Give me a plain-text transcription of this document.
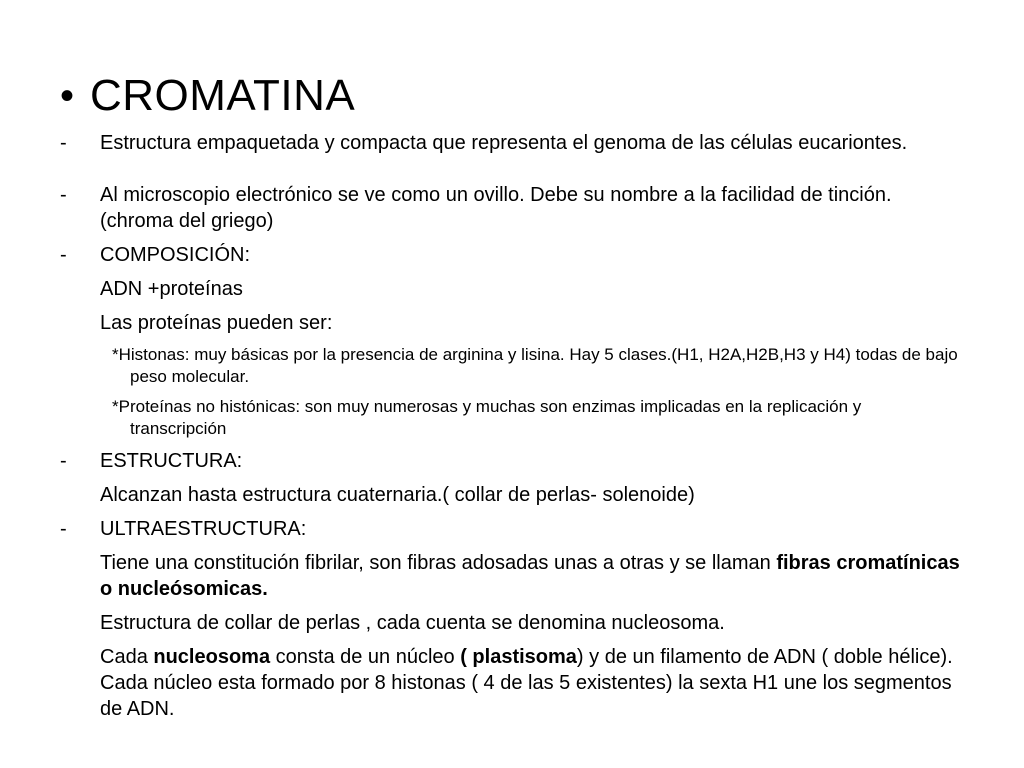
• CROMATINA
-	Estructura empaquetada y compacta que representa el genoma de las células eucariontes.
-	Al microscopio electrónico se ve como un ovillo. Debe su nombre a la facilidad de tinción. (chroma del griego)
-	COMPOSICIÓN:
ADN +proteínas
Las proteínas pueden ser:
*Histonas: muy básicas por la presencia de arginina y lisina. Hay 5 clases.(H1, H2A,H2B,H3 y H4) todas de bajo peso molecular.
*Proteínas no histónicas: son muy numerosas y muchas son enzimas implicadas en la replicación y transcripción
-	ESTRUCTURA:
Alcanzan hasta estructura cuaternaria.( collar de perlas- solenoide)
-	ULTRAESTRUCTURA:
Tiene una constitución fibrilar, son fibras adosadas unas a otras y se llaman fibras cromatínicas o nucleósomicas.
Estructura de collar de perlas , cada cuenta se denomina nucleosoma.
Cada nucleosoma consta de un núcleo ( plastisoma) y de un filamento de ADN ( doble hélice). Cada núcleo esta formado por 8 histonas ( 4 de las 5 existentes) la sexta H1 une los segmentos de ADN.
